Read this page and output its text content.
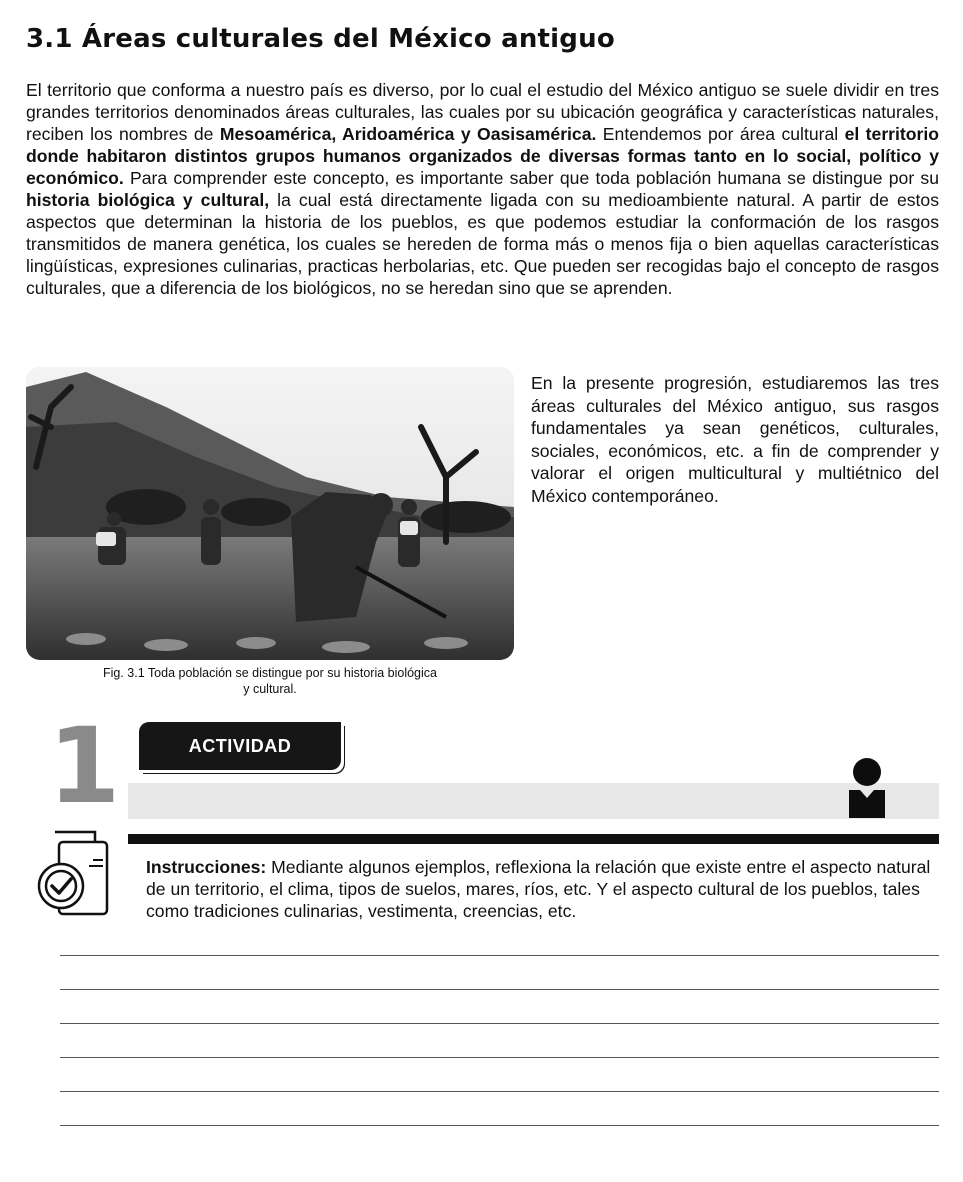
3.1 Áreas culturales del México antiguo

El territorio que conforma a nuestro país es diverso, por lo cual el estudio del México antiguo se suele dividir en tres grandes territorios denominados áreas culturales, las cuales por su ubicación geográfica y características naturales, reciben los nombres de Mesoamérica, Aridoamérica y Oasisamérica. Entendemos por área cultural el territorio donde habitaron distintos grupos humanos organizados de diversas formas tanto en lo social, político y económico. Para comprender este concepto, es importante saber que toda población humana se distingue por su historia biológica y cultural, la cual está directamente ligada con su medioambiente natural. A partir de estos aspectos que determinan la historia de los pueblos, es que podemos estudiar la conformación de los rasgos transmitidos de manera genética, los cuales se hereden de forma más o menos fija o bien aquellas características lingüísticas, expresiones culinarias, practicas herbolarias, etc. Que pueden ser recogidas bajo el concepto de rasgos culturales, que a diferencia de los biológicos, no se heredan sino que se aprenden.

Fig. 3.1 Toda población se distingue por su historia biológica
y cultural.

En la presente progresión, estudiaremos las tres áreas culturales del México antiguo, sus rasgos fundamentales ya sean genéticos, culturales, sociales, económicos, etc. a fin de comprender y valorar el origen multicultural y multiétnico del México contemporáneo.

1	ACTIVIDAD

Instrucciones: Mediante algunos ejemplos, reflexiona la relación que existe entre el aspecto natural de un territorio, el clima, tipos de suelos, mares, ríos, etc. Y el aspecto cultural de los pueblos, tales como tradiciones culinarias, vestimenta, creencias, etc.
